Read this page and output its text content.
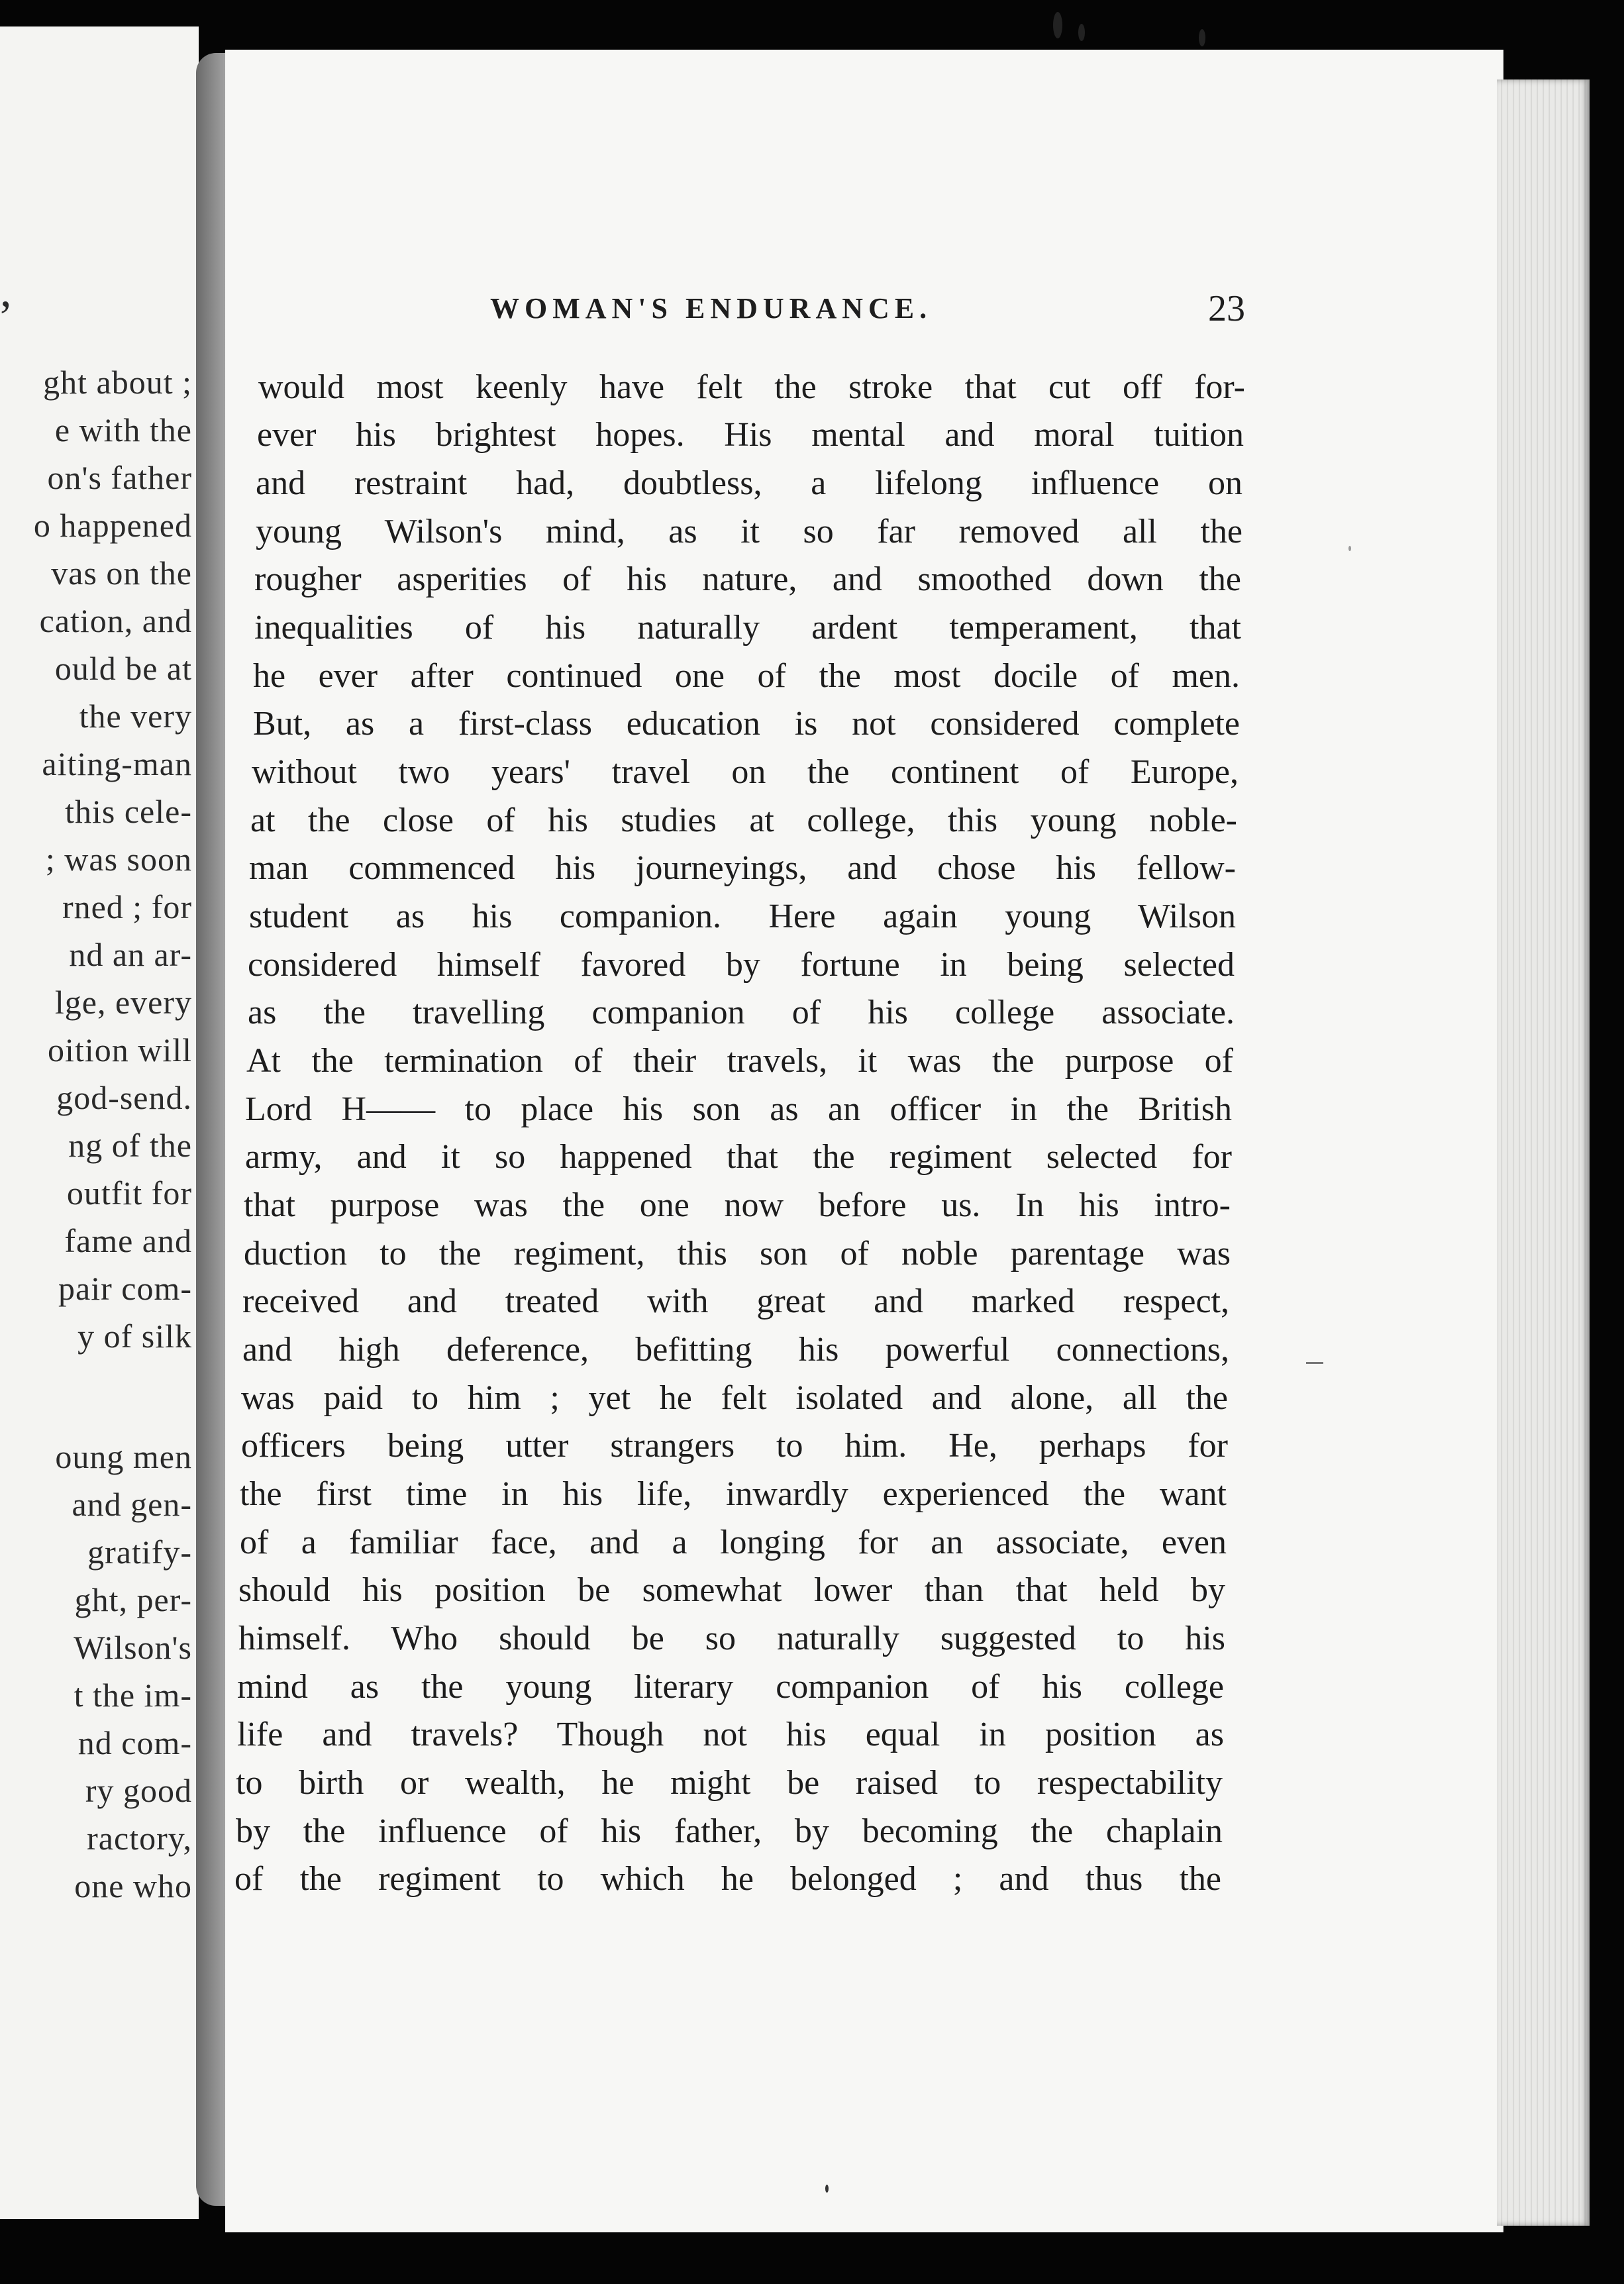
,
ght about ;
e with the
on's father
o happened
vas on the
cation, and
ould be at
the very
aiting-man
this cele-
; was soon
rned ; for
nd an ar-
lge, every
oition will
god-send.
ng of the
outfit for
fame and
pair com-
y of silk
oung men
and gen-
gratify-
ght, per-
Wilson's
t the im-
nd com-
ry good
ractory,
one who
WOMAN'S ENDURANCE.	23
would most keenly have felt the stroke that cut off for-
ever his brightest hopes. His mental and moral tuition
and restraint had, doubtless, a lifelong influence on
young Wilson's mind, as it so far removed all the
rougher asperities of his nature, and smoothed down the
inequalities of his naturally ardent temperament, that
he ever after continued one of the most docile of men.
But, as a first-class education is not considered complete
without two years' travel on the continent of Europe,
at the close of his studies at college, this young noble-
man commenced his journeyings, and chose his fellow-
student as his companion. Here again young Wilson
considered himself favored by fortune in being selected
as the travelling companion of his college associate.
At the termination of their travels, it was the purpose of
Lord H—— to place his son as an officer in the British
army, and it so happened that the regiment selected for
that purpose was the one now before us. In his intro-
duction to the regiment, this son of noble parentage was
received and treated with great and marked respect,
and high deference, befitting his powerful connections,
was paid to him ; yet he felt isolated and alone, all the
officers being utter strangers to him. He, perhaps for
the first time in his life, inwardly experienced the want
of a familiar face, and a longing for an associate, even
should his position be somewhat lower than that held by
himself. Who should be so naturally suggested to his
mind as the young literary companion of his college
life and travels? Though not his equal in position as
to birth or wealth, he might be raised to respectability
by the influence of his father, by becoming the chaplain
of the regiment to which he belonged ; and thus the
